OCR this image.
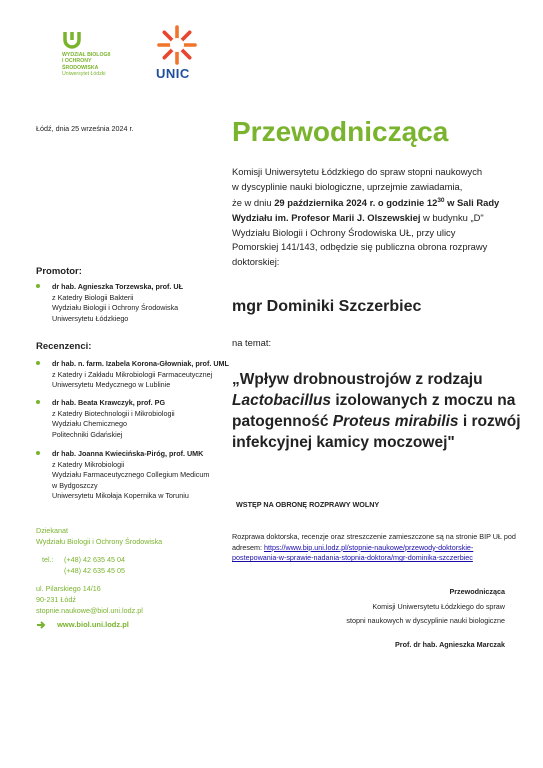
WYDZIAŁ BIOLOGII
I OCHRONY
ŚRODOWISKA
Uniwersytet Łódzki	UNIC
Łódź, dnia 25 września 2024 r.	Przewodnicząca
Komisji Uniwersytetu Łódzkiego do spraw stopni naukowych
w dyscyplinie nauki biologiczne, uprzejmie zawiadamia,
że w dniu 29 października 2024 r. o godzinie $12^{30}$ w Sali Rady
Wydziału im. Profesor Marii J. Olszewskiej w budynku „D"
Wydziału Biologii i Ochrony Środowiska UŁ, przy ulicy
Pomorskiej 141/143, odbędzie się publiczna obrona rozprawy
doktorskiej:
mgr Dominiki Szczerbiec
na temat:
„Wpływ drobnoustrojów z rodzaju
Lactobacillus izolowanych z moczu na
patogenność Proteus mirabilis i rozwój
infekcyjnej kamicy moczowej"
WSTĘP NA OBRONĘ ROZPRAWY WOLNY
Rozprawa doktorska, recenzje oraz streszczenie zamieszczone są na stronie BIP UŁ pod adresem: https://www.bip.uni.lodz.pl/stopnie-naukowe/przewody-doktorskie-
postepowania-w-sprawie-nadania-stopnia-doktora/mgr-dominika-szczerbiec
Przewodnicząca
Komisji Uniwersytetu Łódzkiego do spraw
stopni naukowych w dyscyplinie nauki biologiczne
Prof. dr hab. Agnieszka Marczak
Promotor:
dr hab. Agnieszka Torzewska, prof. UŁ
z Katedry Biologii Bakterii
Wydziału Biologii i Ochrony Środowiska
Uniwersytetu Łódzkiego
Recenzenci:
dr hab. n. farm. Izabela Korona-Głowniak, prof. UML
z Katedry i Zakładu Mikrobiologii Farmaceutycznej
Uniwersytetu Medycznego w Lublinie
dr hab. Beata Krawczyk, prof. PG
z Katedry Biotechnologii i Mikrobiologii
Wydziału Chemicznego
Politechniki Gdańskiej
dr hab. Joanna Kwiecińska-Piróg, prof. UMK
z Katedry Mikrobiologii
Wydziału Farmaceutycznego Collegium Medicum
w Bydgoszczy
Uniwersytetu Mikołaja Kopernika w Toruniu
Dziekanat
Wydziału Biologii i Ochrony Środowiska
tel.: (+48) 42 635 45 04
(+48) 42 635 45 05
ul. Pilarskiego 14/16
90-231 Łódź
stopnie.naukowe@biol.uni.lodz.pl
www.biol.uni.lodz.pl
